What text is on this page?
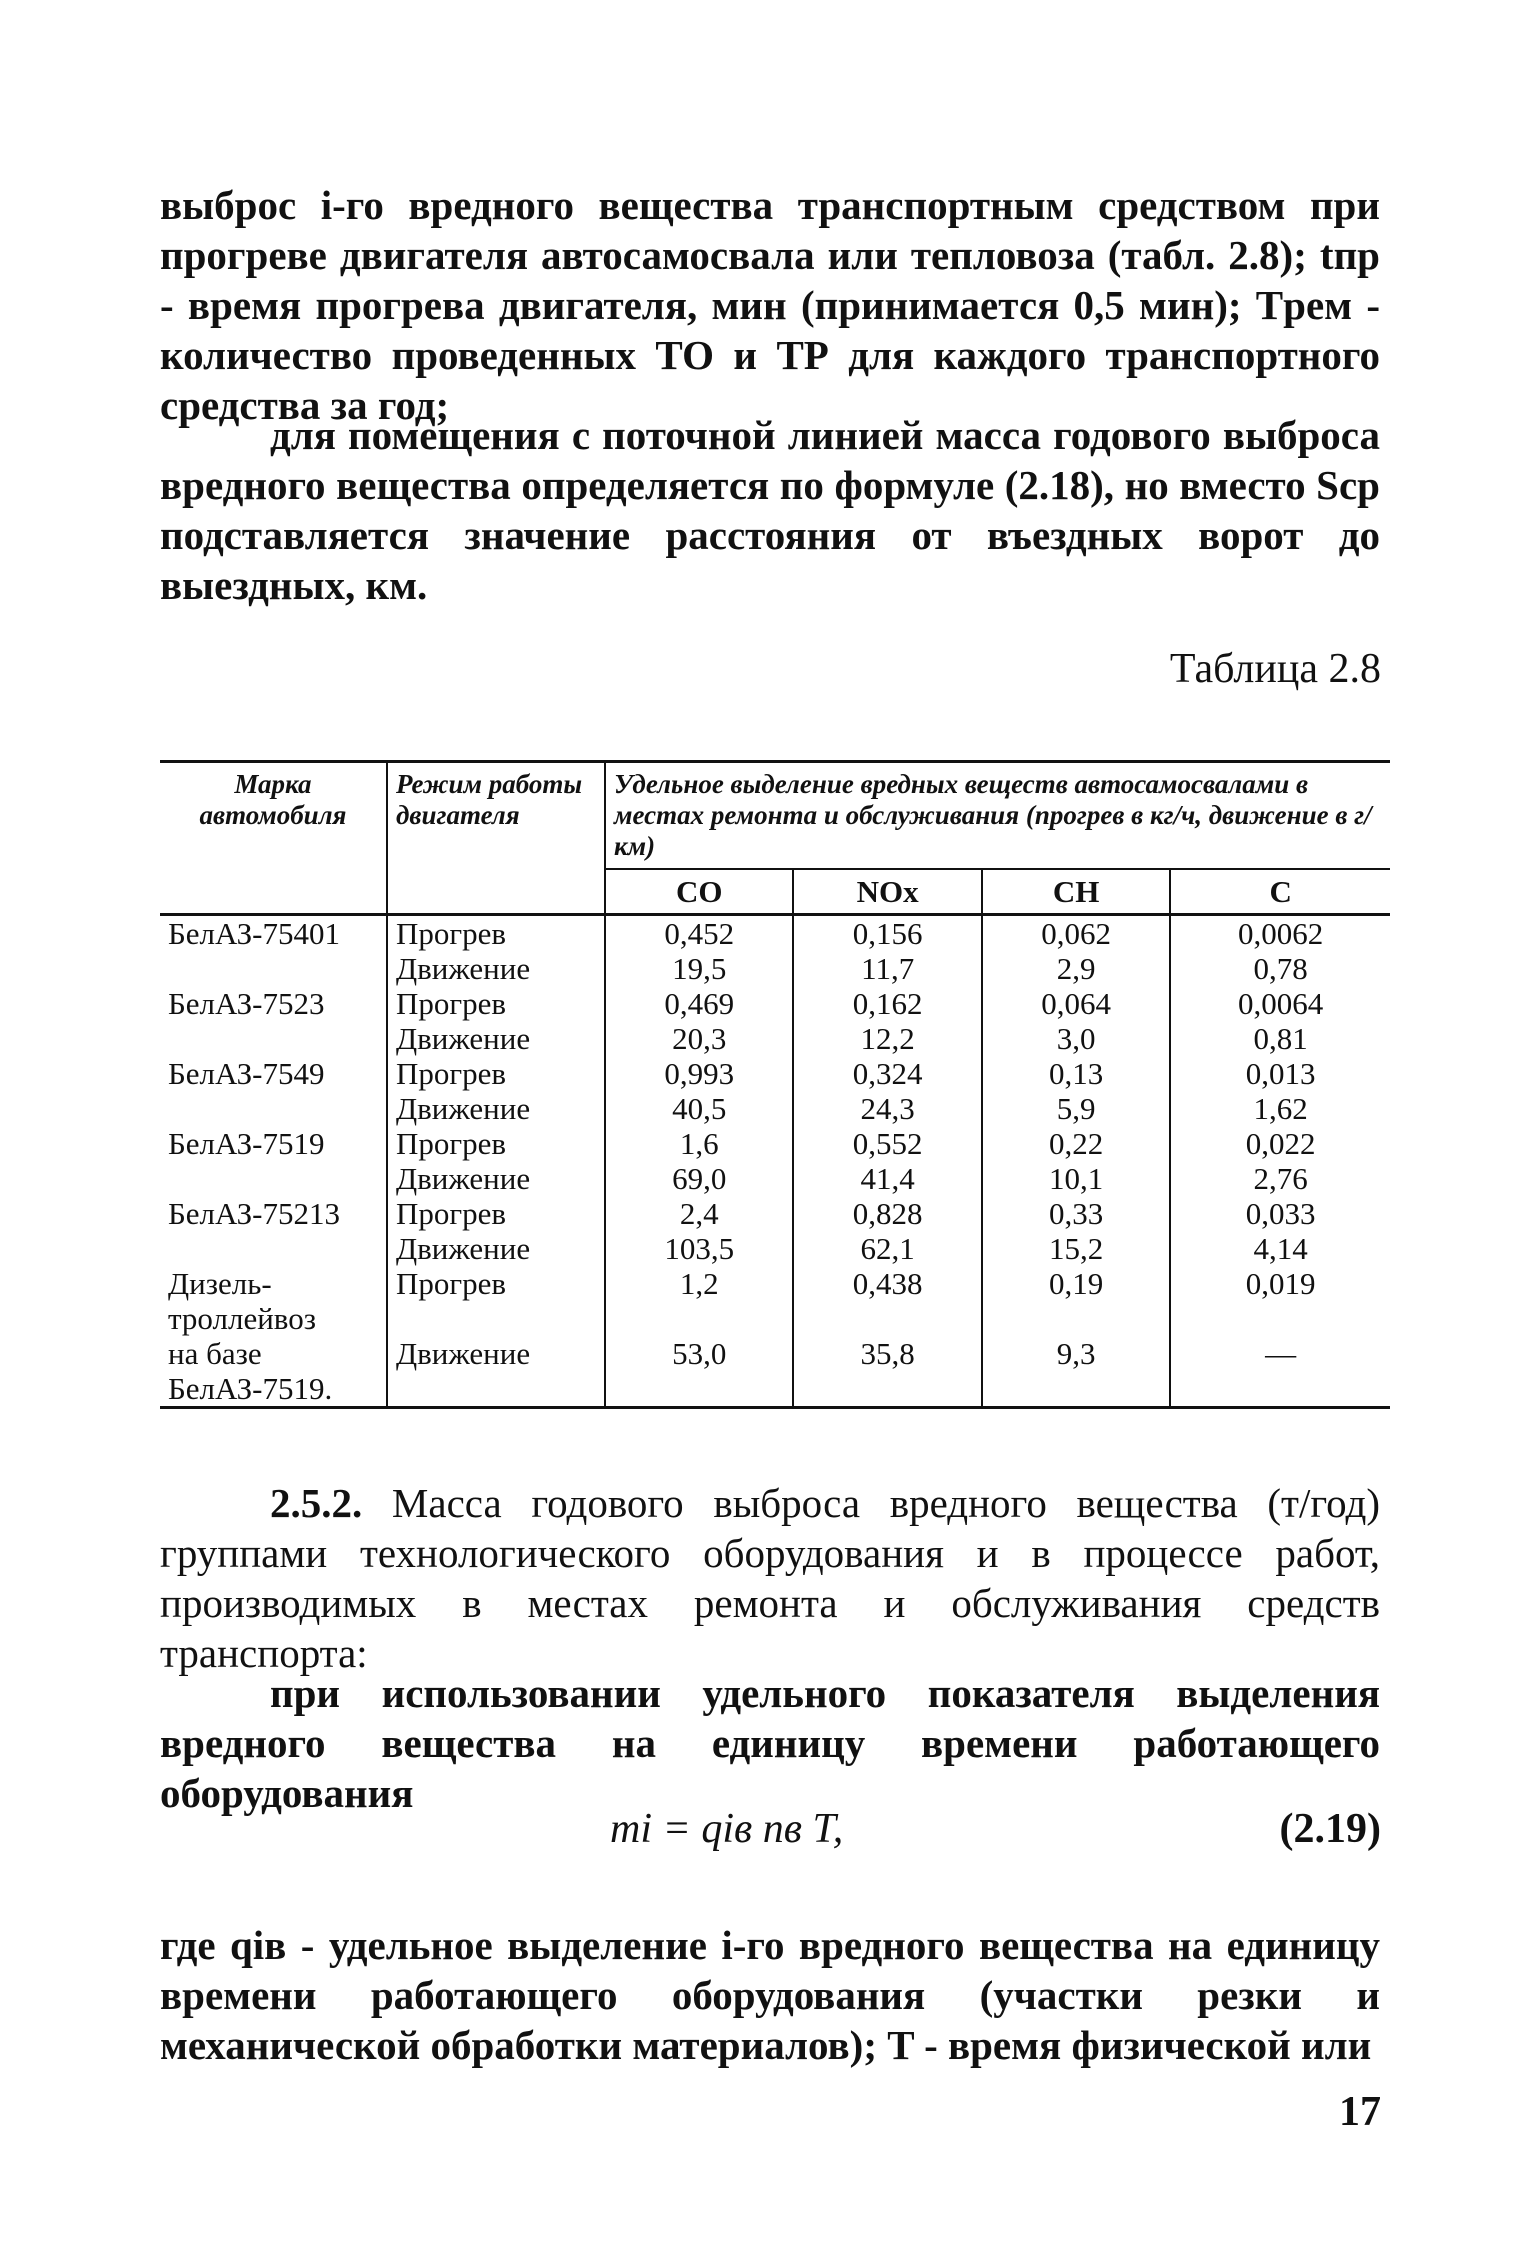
выброс i-го вредного вещества транспортным средством при прогреве двигателя автосамосвала или тепловоза (табл. 2.8); tпр - время прогрева двигателя, мин (принимается 0,5 мин); Tрем - количество проведенных ТО и ТР для каждого транспортного средства за год;
для помещения с поточной линией масса годового выброса вредного вещества определяется по формуле (2.18), но вместо Sср подставляется значение расстояния от въездных ворот до выездных, км.
Таблица 2.8
Марка автомобиля	Режим работы двигателя	Удельное выделение вредных веществ автосамосвалами в местах ремонта и обслуживания (прогрев в кг/ч, движение в г/км)			
		CO	NOx	CH	C
БелАЗ-75401	Прогрев	0,452	0,156	0,062	0,0062
	Движение	19,5	11,7	2,9	0,78
БелАЗ-7523	Прогрев	0,469	0,162	0,064	0,0064
	Движение	20,3	12,2	3,0	0,81
БелАЗ-7549	Прогрев	0,993	0,324	0,13	0,013
	Движение	40,5	24,3	5,9	1,62
БелАЗ-7519	Прогрев	1,6	0,552	0,22	0,022
	Движение	69,0	41,4	10,1	2,76
БелАЗ-75213	Прогрев	2,4	0,828	0,33	0,033
	Движение	103,5	62,1	15,2	4,14
Дизель-троллейвоз	Прогрев	1,2	0,438	0,19	0,019
на базе БелАЗ-7519.	Движение	53,0	35,8	9,3	—
2.5.2. Масса годового выброса вредного вещества (т/год) группами технологического оборудования и в процессе работ, производимых в местах ремонта и обслуживания средств транспорта:
при использовании удельного показателя выделения вредного вещества на единицу времени работающего оборудования
mi = qiв nв T,	(2.19)
где qiв - удельное выделение i-го вредного вещества на единицу времени работающего оборудования (участки резки и механической обработки материалов); T - время физической или
17
